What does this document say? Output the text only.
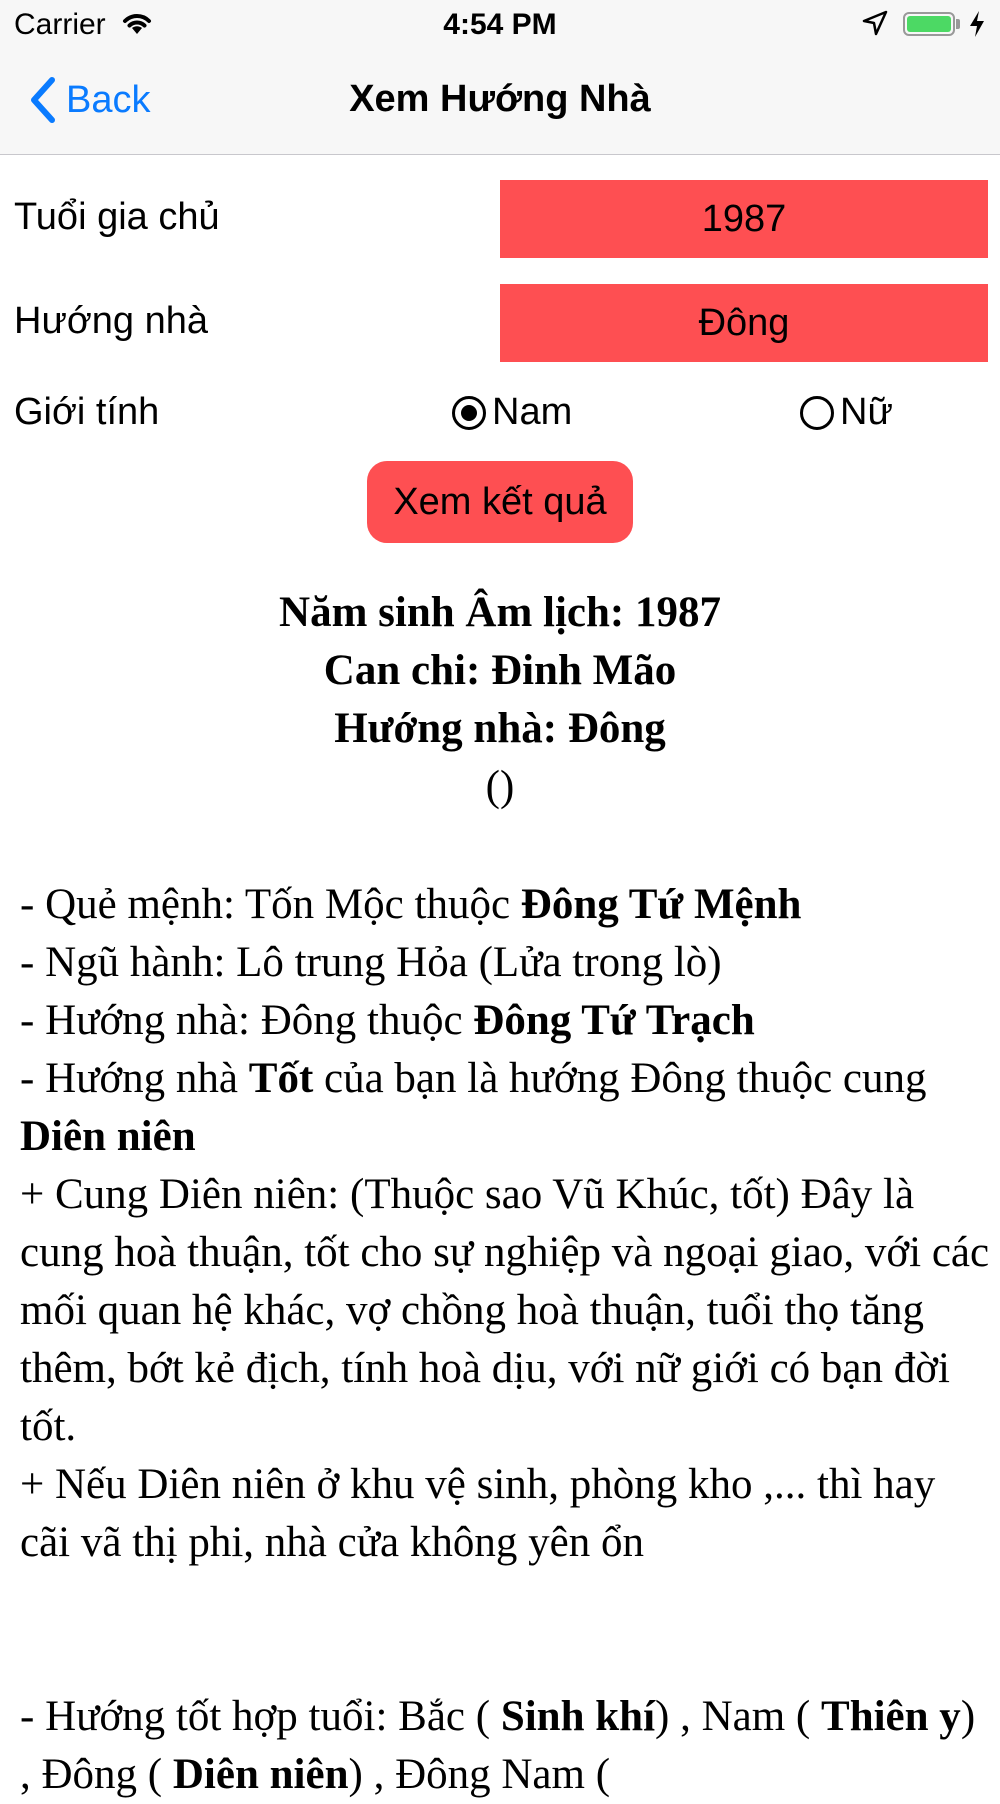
Carrier	4:54 PM
Back	Xem Hướng Nhà
Tuổi gia chủ	1987
Hướng nhà	Đông
Giới tính	Nam	Nữ
Xem kết quả
Năm sinh Âm lịch: 1987
Can chi: Đinh Mão
Hướng nhà: Đông
()

- Quẻ mệnh: Tốn Mộc thuộc Đông Tứ Mệnh

- Ngũ hành: Lô trung Hỏa (Lửa trong lò)

- Hướng nhà: Đông thuộc Đông Tứ Trạch

- Hướng nhà Tốt của bạn là hướng Đông thuộc cung Diên niên

+ Cung Diên niên: (Thuộc sao Vũ Khúc, tốt) Đây là cung hoà thuận, tốt cho sự nghiệp và ngoại giao, với các mối quan hệ khác, vợ chồng hoà thuận, tuổi thọ tăng thêm, bớt kẻ địch, tính hoà dịu, với nữ giới có bạn đời tốt.

+ Nếu Diên niên ở khu vệ sinh, phòng kho ,... thì hay cãi vã thị phi, nhà cửa không yên ổn

- Hướng tốt hợp tuổi: Bắc ( Sinh khí) , Nam ( Thiên y) , Đông ( Diên niên) , Đông Nam (
